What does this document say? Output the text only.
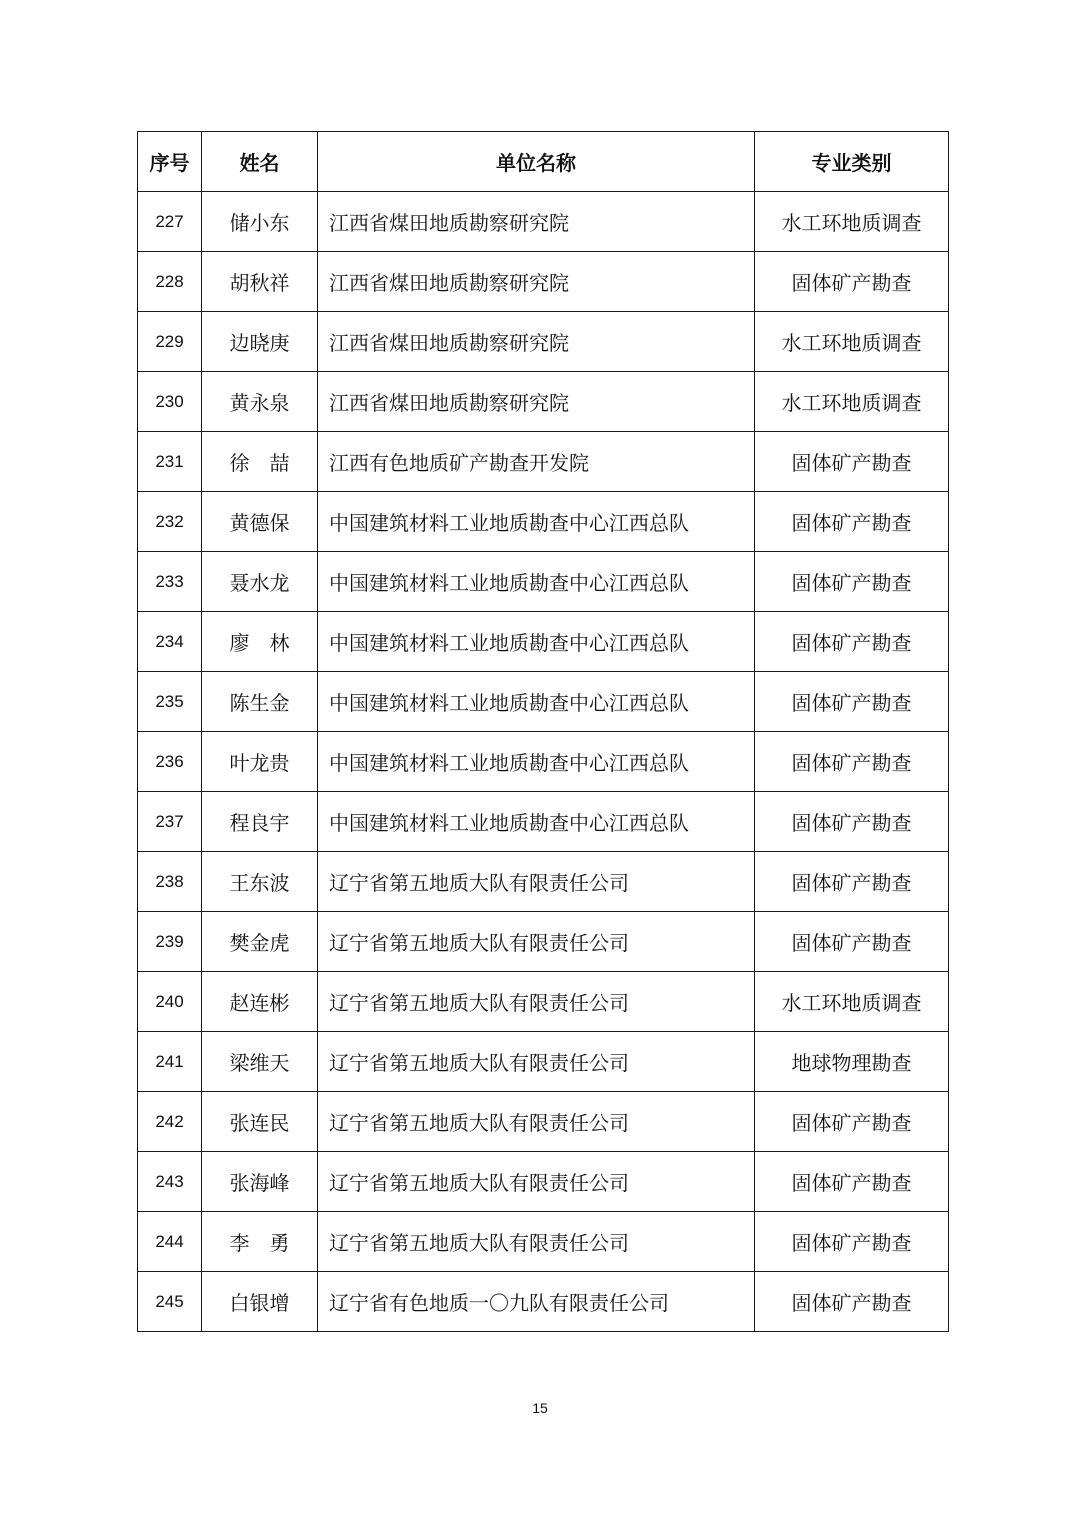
序号	姓名	单位名称	专业类别
227	储小东	江西省煤田地质勘察研究院	水工环地质调查
228	胡秋祥	江西省煤田地质勘察研究院	固体矿产勘查
229	边晓庚	江西省煤田地质勘察研究院	水工环地质调查
230	黄永泉	江西省煤田地质勘察研究院	水工环地质调查
231	徐　喆	江西有色地质矿产勘查开发院	固体矿产勘查
232	黄德保	中国建筑材料工业地质勘查中心江西总队	固体矿产勘查
233	聂水龙	中国建筑材料工业地质勘查中心江西总队	固体矿产勘查
234	廖　林	中国建筑材料工业地质勘查中心江西总队	固体矿产勘查
235	陈生金	中国建筑材料工业地质勘查中心江西总队	固体矿产勘查
236	叶龙贵	中国建筑材料工业地质勘查中心江西总队	固体矿产勘查
237	程良宇	中国建筑材料工业地质勘查中心江西总队	固体矿产勘查
238	王东波	辽宁省第五地质大队有限责任公司	固体矿产勘查
239	樊金虎	辽宁省第五地质大队有限责任公司	固体矿产勘查
240	赵连彬	辽宁省第五地质大队有限责任公司	水工环地质调查
241	梁维天	辽宁省第五地质大队有限责任公司	地球物理勘查
242	张连民	辽宁省第五地质大队有限责任公司	固体矿产勘查
243	张海峰	辽宁省第五地质大队有限责任公司	固体矿产勘查
244	李　勇	辽宁省第五地质大队有限责任公司	固体矿产勘查
245	白银增	辽宁省有色地质一〇九队有限责任公司	固体矿产勘查
15
